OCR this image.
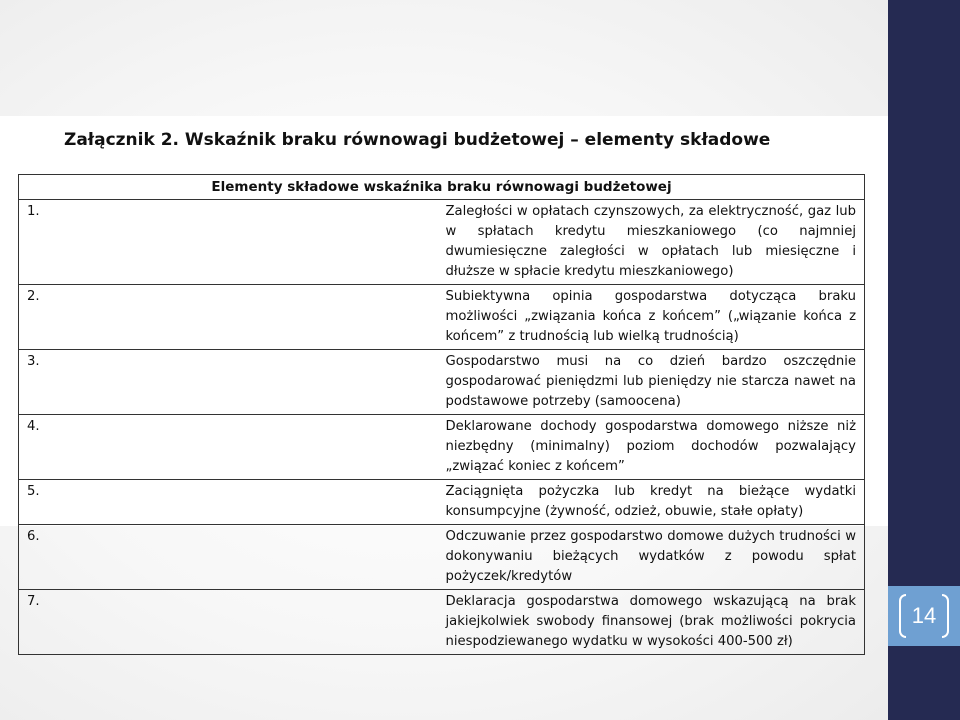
14
Załącznik 2. Wskaźnik braku równowagi budżetowej – elementy składowe
Elementy składowe wskaźnika braku równowagi budżetowej	
1.	Zaległości w opłatach czynszowych, za elektryczność, gaz lub w spłatach kredytu mieszkaniowego (co najmniej dwumiesięczne zaległości w opłatach lub miesięczne i dłuższe w spłacie kredytu mieszkaniowego)
2.	Subiektywna opinia gospodarstwa dotycząca braku możliwości „związania końca z końcem” („wiązanie końca z końcem” z trudnością lub wielką trudnością)
3.	Gospodarstwo musi na co dzień bardzo oszczędnie gospodarować pieniędzmi lub pieniędzy nie starcza nawet na podstawowe potrzeby (samoocena)
4.	Deklarowane dochody gospodarstwa domowego niższe niż niezbędny (minimalny) poziom dochodów pozwalający „związać koniec z końcem”
5.	Zaciągnięta pożyczka lub kredyt na bieżące wydatki konsumpcyjne (żywność, odzież, obuwie, stałe opłaty)
6.	Odczuwanie przez gospodarstwo domowe dużych trudności w dokonywaniu bieżących wydatków z powodu spłat pożyczek/kredytów
7.	Deklaracja gospodarstwa domowego wskazującą na brak jakiejkolwiek swobody finansowej (brak możliwości pokrycia niespodziewanego wydatku w wysokości 400-500 zł)
